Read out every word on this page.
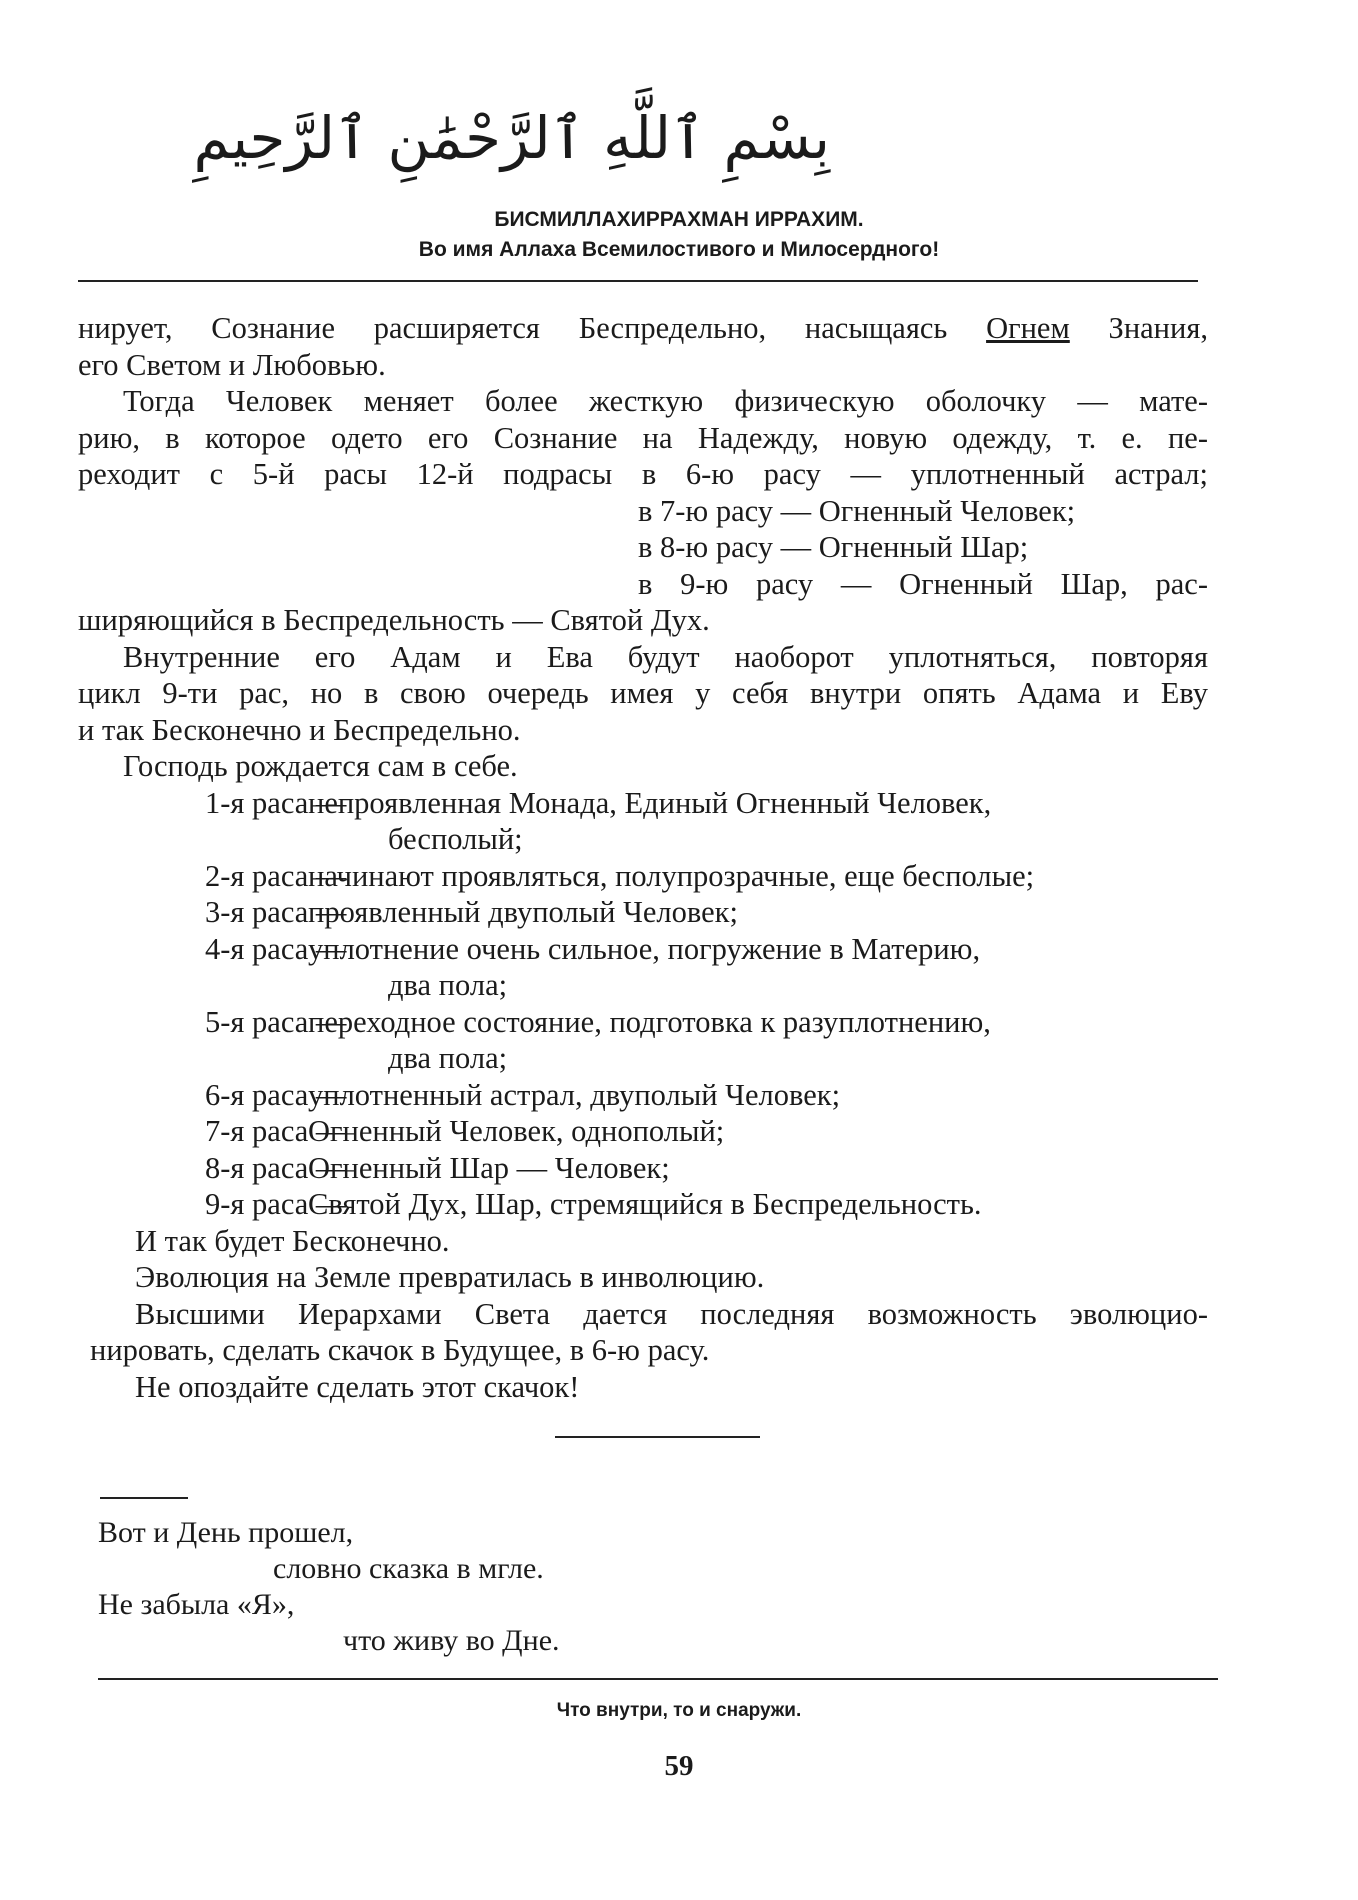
بِسْمِ ٱللَّهِ ٱلرَّحْمَٰنِ ٱلرَّحِيمِ
БИСМИЛЛАХИРРАХМАН ИРРАХИМ.
Во имя Аллаха Всемилостивого и Милосердного!
нирует, Сознание расширяется Беспредельно, насыщаясь Огнем Знания,
его Светом и Любовью.
Тогда Человек меняет более жесткую физическую оболочку — мате-
рию, в которое одето его Сознание на Надежду, новую одежду, т. е. пе-
реходит с 5-й расы 12-й подрасы в 6-ю расу — уплотненный астрал;
в 7-ю расу — Огненный Человек;
в 8-ю расу — Огненный Шар;
в 9-ю расу — Огненный Шар, рас-
ширяющийся в Беспредельность — Святой Дух.
Внутренние его Адам и Ева будут наоборот уплотняться, повторяя
цикл 9-ти рас, но в свою очередь имея у себя внутри опять Адама и Еву
и так Бесконечно и Беспредельно.
Господь рождается сам в себе.
1-я раса —
непроявленная Монада, Единый Огненный Человек,
бесполый;
2-я раса —
начинают проявляться, полупрозрачные, еще бесполые;
3-я раса —
проявленный двуполый Человек;
4-я раса —
уплотнение очень сильное, погружение в Материю,
два пола;
5-я раса —
переходное состояние, подготовка к разуплотнению,
два пола;
6-я раса —
уплотненный астрал, двуполый Человек;
7-я раса —
Огненный Человек, однополый;
8-я раса —
Огненный Шар — Человек;
9-я раса —
Святой Дух, Шар, стремящийся в Беспредельность.
И так будет Бесконечно.
Эволюция на Земле превратилась в инволюцию.
Высшими Иерархами Света дается последняя возможность эволюцио-
нировать, сделать скачок в Будущее, в 6-ю расу.
Не опоздайте сделать этот скачок!
Вот и День прошел,
словно сказка в мгле.
Не забыла «Я»,
что живу во Дне.
Что внутри, то и снаружи.
59
